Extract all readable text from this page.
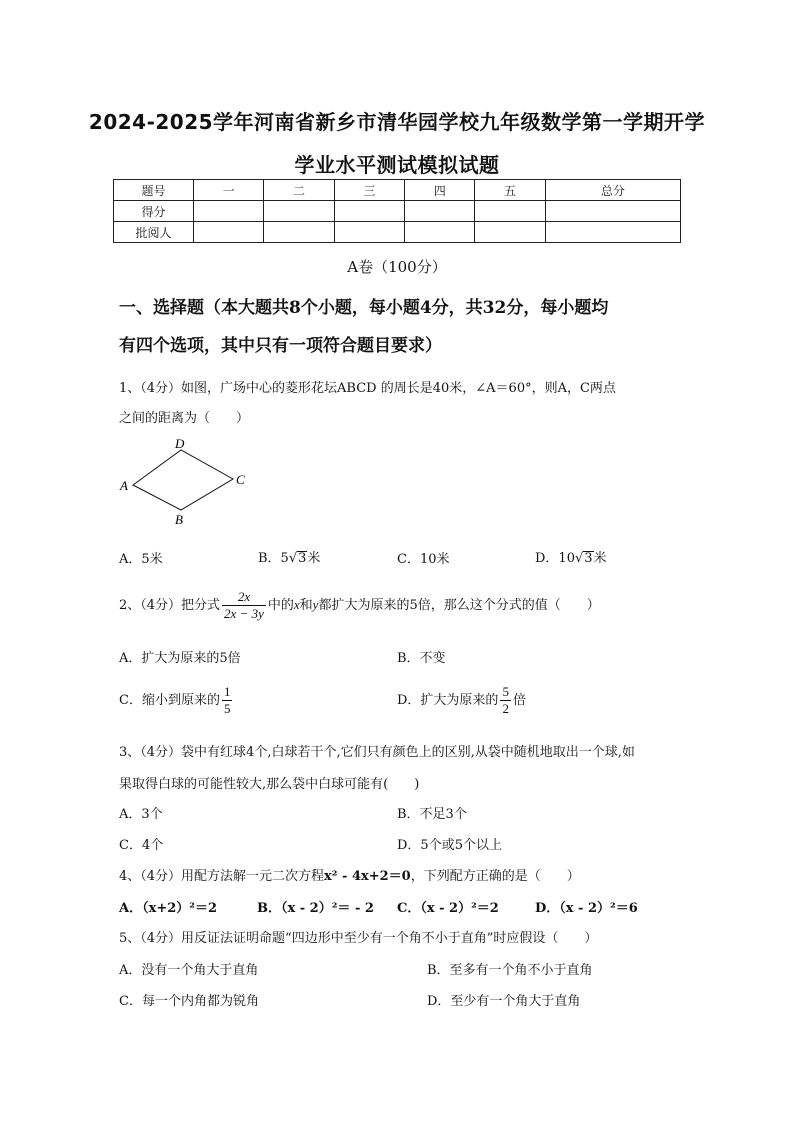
2024-2025学年河南省新乡市清华园学校九年级数学第一学期开学
学业水平测试模拟试题
题号	一	二	三	四	五	总分
得分						
批阅人						
A卷（100分）
一、选择题（本大题共8个小题，每小题4分，共32分，每小题均
有四个选项，其中只有一项符合题目要求）
1、（4分）如图，广场中心的菱形花坛ABCD 的周长是40米，∠A＝60°，则A，C两点
之间的距离为（　　）
D
A	C
B
A．5米	B．5√3米	C．10米	D．10√3米
2、（4分）把分式 $\frac{2x}{2x - 3y}$ 中的x和y都扩大为原来的5倍，那么这个分式的值（　　）
A．扩大为原来的5倍	B．不变
C．缩小到原来的 $\frac{1}{5}$	D．扩大为原来的 $\frac{5}{2}$ 倍
3、（4分）袋中有红球4个,白球若干个,它们只有颜色上的区别,从袋中随机地取出一个球,如
果取得白球的可能性较大,那么袋中白球可能有(　　)
A．3个	B．不足3个
C．4个	D．5个或5个以上
4、（4分）用配方法解一元二次方程x² - 4x+2＝0，下列配方正确的是（　　）
A．（x+2）²＝2	B．（x - 2）²＝ - 2 C．（x - 2）²＝2	D．（x - 2）²＝6
5、（4分）用反证法证明命题“四边形中至少有一个角不小于直角”时应假设（　　）
A．没有一个角大于直角	B．至多有一个角不小于直角
C．每一个内角都为锐角	D．至少有一个角大于直角
